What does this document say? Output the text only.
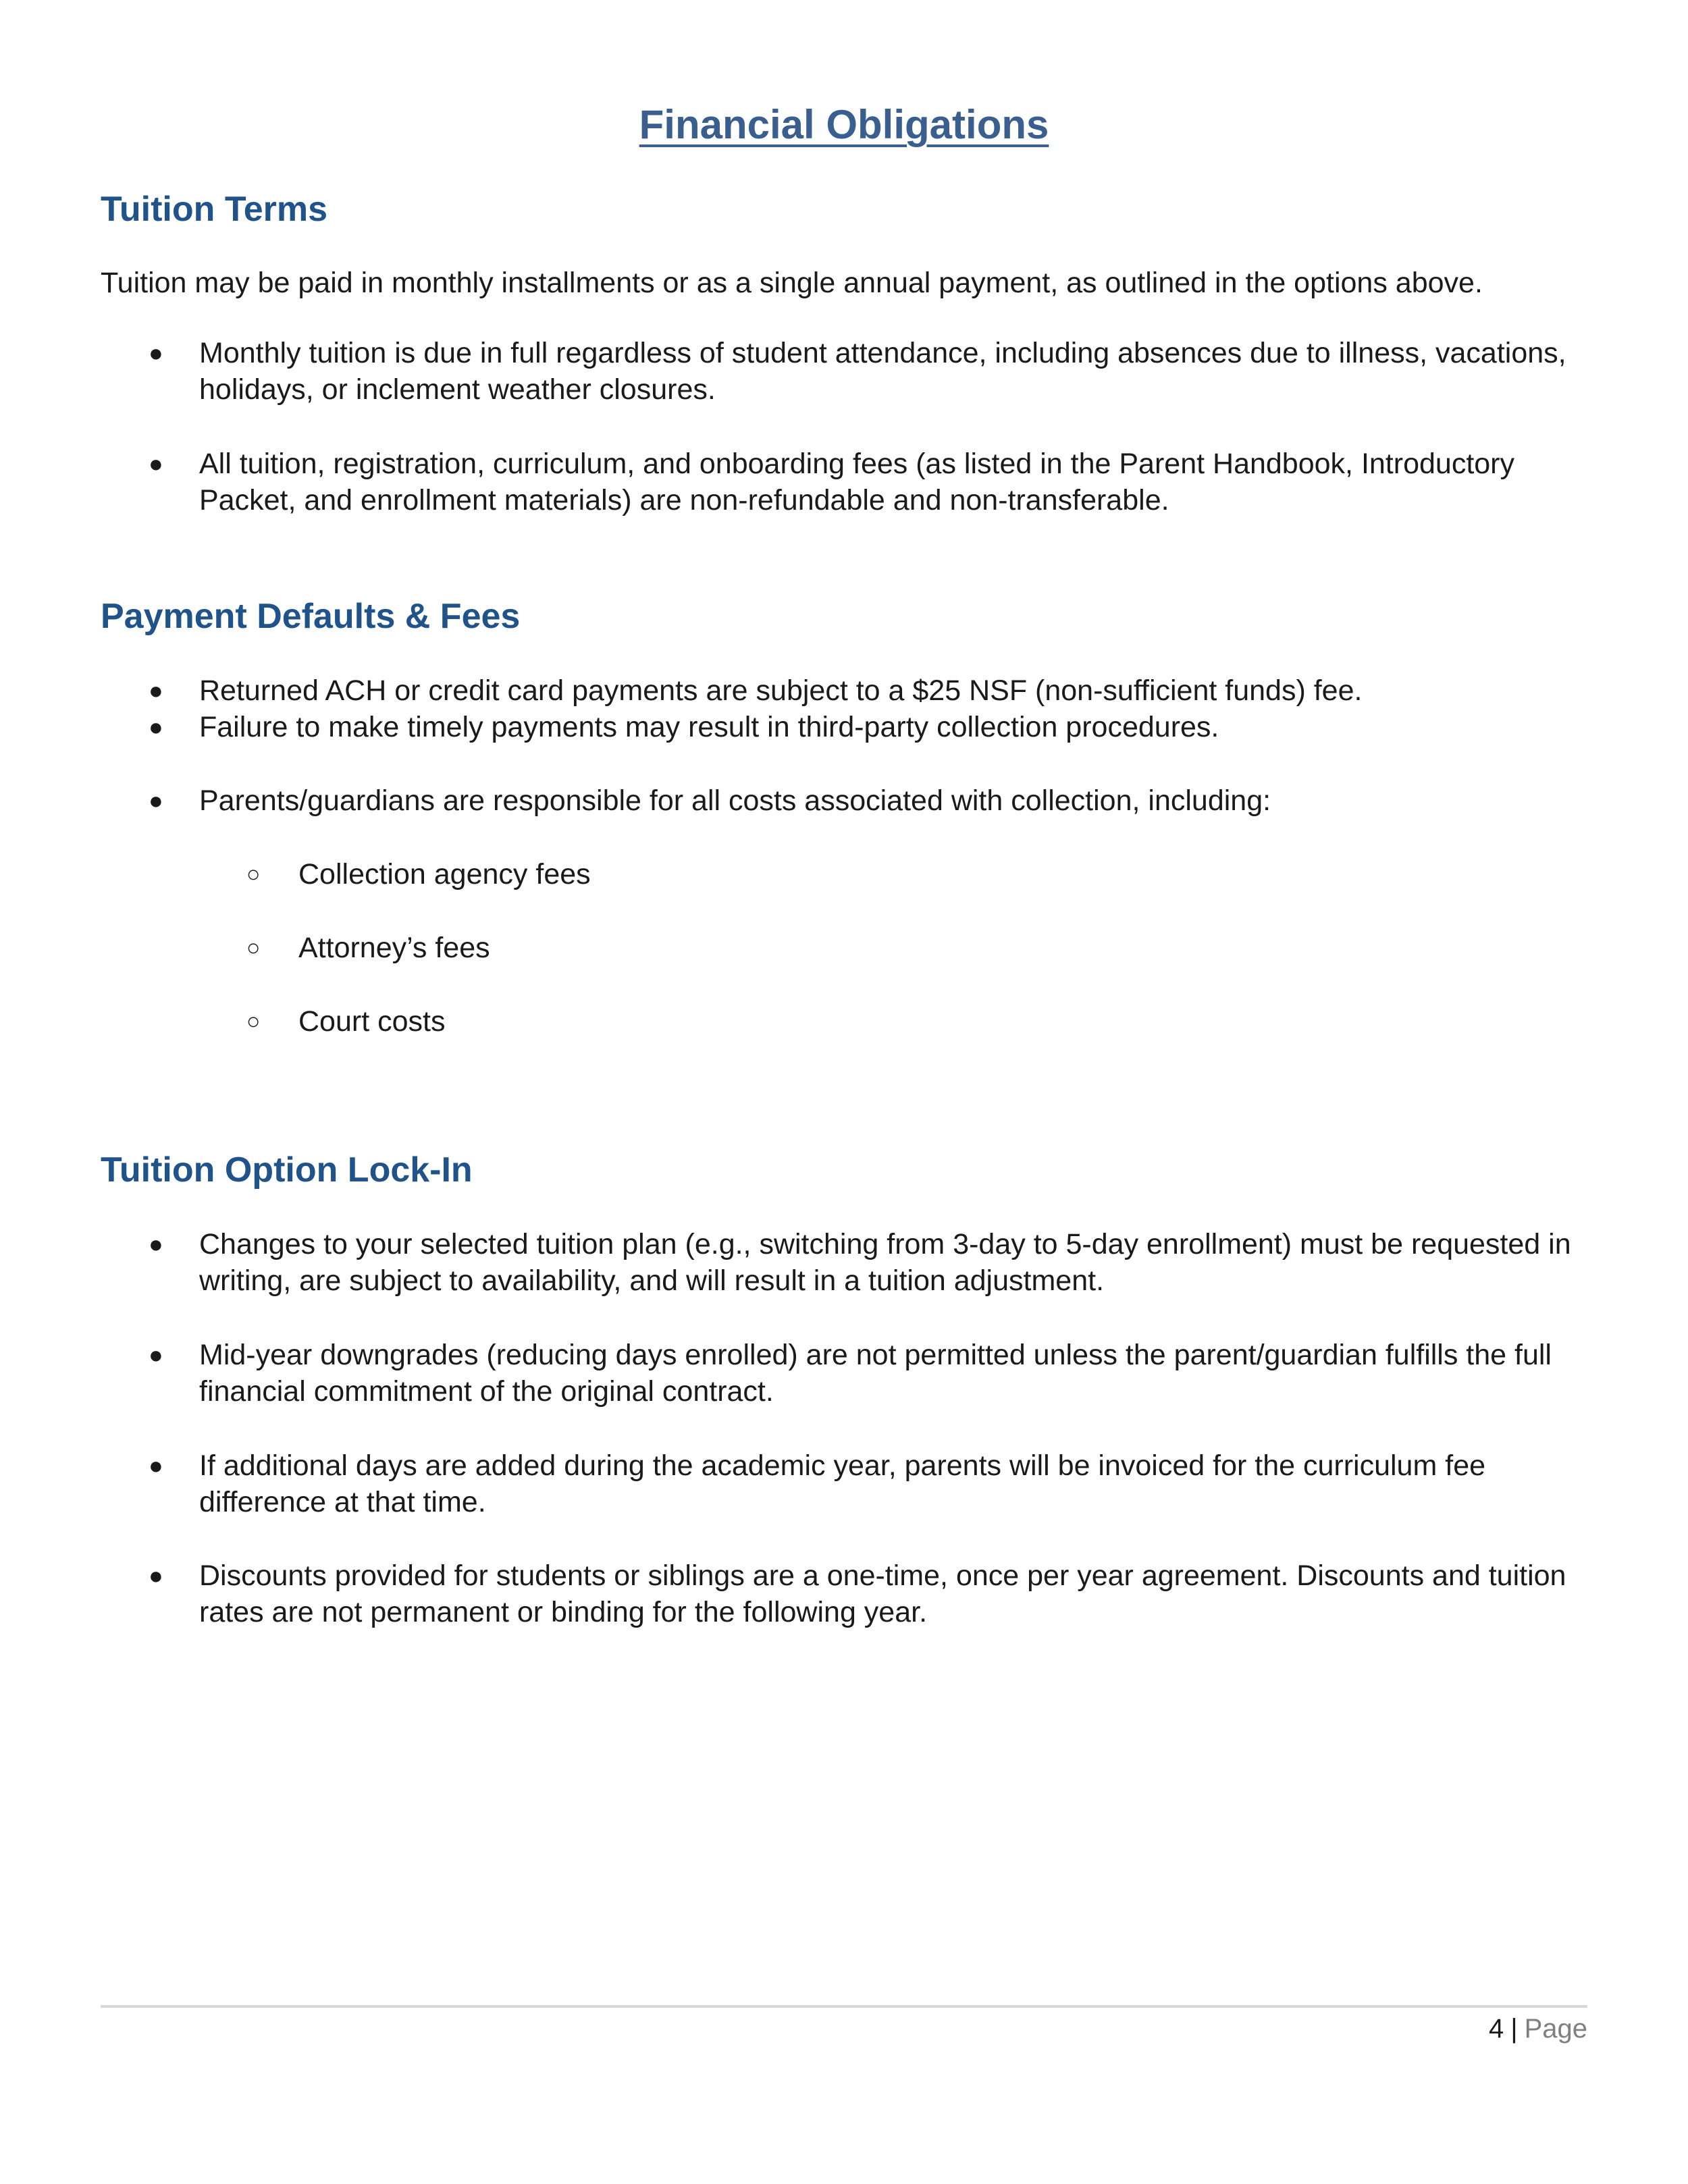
Financial Obligations
Tuition Terms

Tuition may be paid in monthly installments or as a single annual payment, as outlined in the options above.

● Monthly tuition is due in full regardless of student attendance, including absences due to illness, vacations, holidays, or inclement weather closures.
● All tuition, registration, curriculum, and onboarding fees (as listed in the Parent Handbook, Introductory Packet, and enrollment materials) are non-refundable and non-transferable.
Payment Defaults & Fees
● Returned ACH or credit card payments are subject to a $25 NSF (non-sufficient funds) fee.
● Failure to make timely payments may result in third-party collection procedures.
● Parents/guardians are responsible for all costs associated with collection, including:
○ Collection agency fees
○ Attorney’s fees
○ Court costs
Tuition Option Lock-In
● Changes to your selected tuition plan (e.g., switching from 3-day to 5-day enrollment) must be requested in writing, are subject to availability, and will result in a tuition adjustment.
● Mid-year downgrades (reducing days enrolled) are not permitted unless the parent/guardian fulfills the full financial commitment of the original contract.
● If additional days are added during the academic year, parents will be invoiced for the curriculum fee difference at that time.
● Discounts provided for students or siblings are a one-time, once per year agreement. Discounts and tuition rates are not permanent or binding for the following year.
4 | Page
